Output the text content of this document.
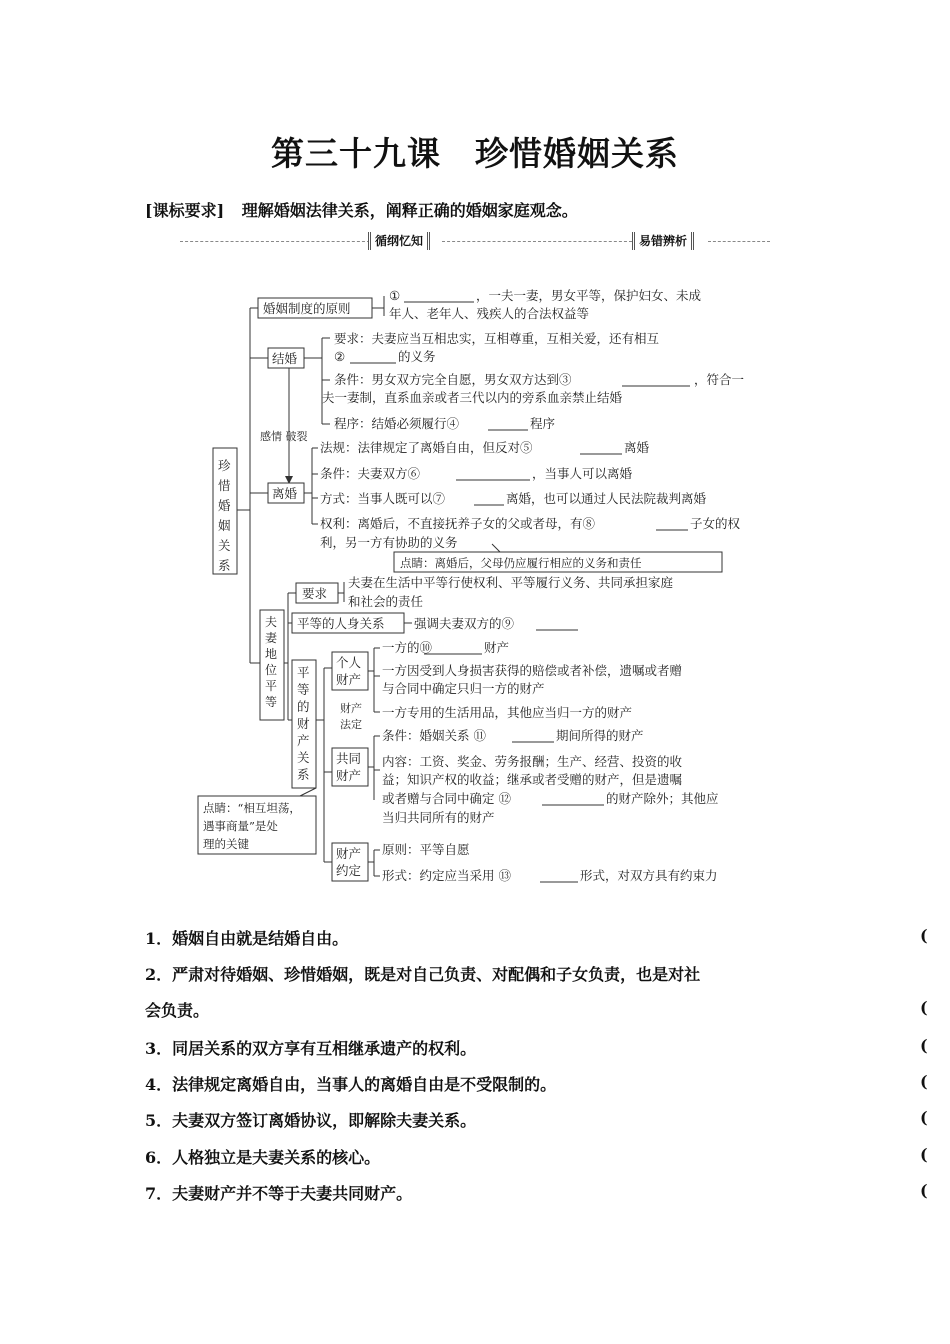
第三十九课　珍惜婚姻关系
[课标要求] 理解婚姻法律关系，阐释正确的婚姻家庭观念。
循纲忆知	易错辨析
珍
惜
婚
姻
关
系
婚姻制度的原则
①	，一夫一妻，男女平等，保护妇女、未成
年人、老年人、残疾人的合法权益等
结婚
要求：夫妻应当互相忠实，互相尊重，互相关爱，还有相互
②	的义务
条件：男女双方完全自愿，男女双方达到③	，符合一
夫一妻制，直系血亲或者三代以内的旁系血亲禁止结婚
程序：结婚必须履行④	程序
感情 破裂
离婚
法规：法律规定了离婚自由，但反对⑤	离婚
条件：夫妻双方⑥	，当事人可以离婚
方式：当事人既可以⑦	离婚，也可以通过人民法院裁判离婚
权利：离婚后，不直接抚养子女的父或者母，有⑧	子女的权
利，另一方有协助的义务
点睛：离婚后，父母仍应履行相应的义务和责任
夫
妻
地
位
平
等
要求
夫妻在生活中平等行使权利、平等履行义务、共同承担家庭
和社会的责任
平等的人身关系 强调夫妻双方的⑨
平
等
的
财
产
关
系
财产
法定
个人
财产
一方的⑩	财产
一方因受到人身损害获得的赔偿或者补偿，遗嘱或者赠
与合同中确定只归一方的财产
一方专用的生活用品，其他应当归一方的财产
共同
财产
条件：婚姻关系 ⑪	期间所得的财产
内容：工资、奖金、劳务报酬；生产、经营、投资的收
益；知识产权的收益；继承或者受赠的财产，但是遗嘱
或者赠与合同中确定 ⑫	的财产除外；其他应
当归共同所有的财产
点睛：“相互坦荡，
遇事商量”是处
理的关键
财产
约定
原则：平等自愿
形式：约定应当采用 ⑬	形式，对双方具有约束力
1．婚姻自由就是结婚自由。	(
2．严肃对待婚姻、珍惜婚姻，既是对自己负责、对配偶和子女负责，也是对社
会负责。	(
3．同居关系的双方享有互相继承遗产的权利。	(
4．法律规定离婚自由，当事人的离婚自由是不受限制的。	(
5．夫妻双方签订离婚协议，即解除夫妻关系。	(
6．人格独立是夫妻关系的核心。	(
7．夫妻财产并不等于夫妻共同财产。	(
